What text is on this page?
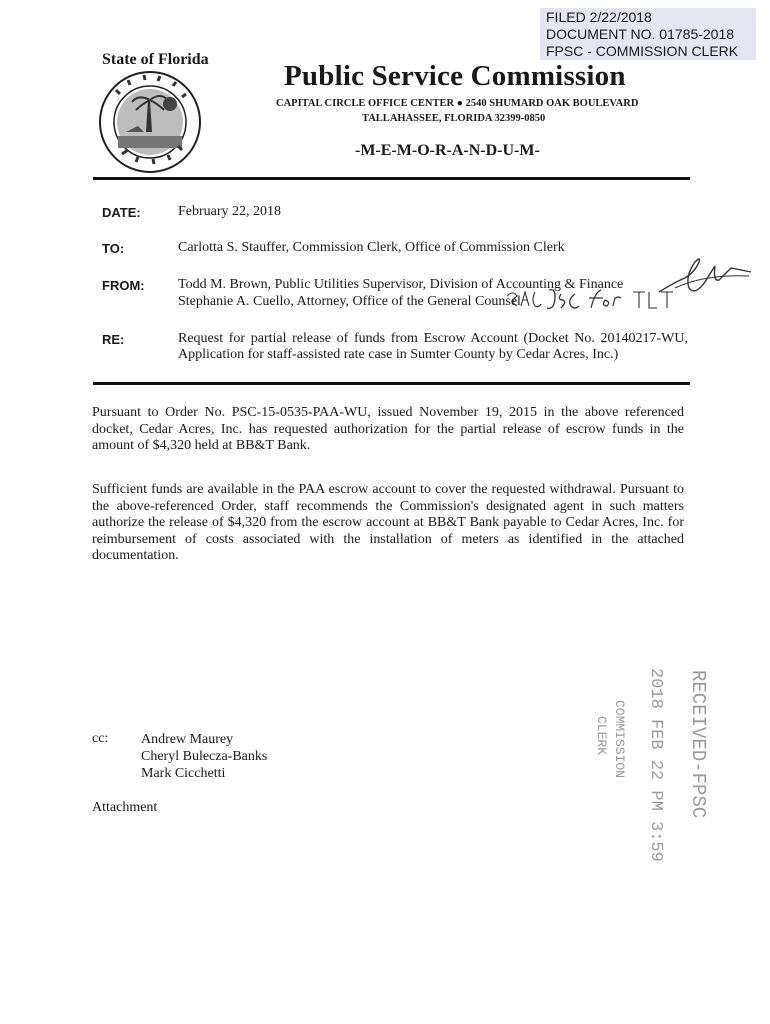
FILED 2/22/2018
DOCUMENT NO. 01785-2018
FPSC - COMMISSION CLERK
State of Florida
Public Service Commission
CAPITAL CIRCLE OFFICE CENTER ● 2540 SHUMARD OAK BOULEVARD
TALLAHASSEE, FLORIDA 32399-0850
-M-E-M-O-R-A-N-D-U-M-
DATE:	February 22, 2018
TO:	Carlotta S. Stauffer, Commission Clerk, Office of Commission Clerk
FROM: Todd M. Brown, Public Utilities Supervisor, Division of Accounting & Finance
Stephanie A. Cuello, Attorney, Office of the General Counsel
RE:	Request for partial release of funds from Escrow Account (Docket No. 20140217-WU, Application for staff-assisted rate case in Sumter County by Cedar Acres, Inc.)
Pursuant to Order No. PSC-15-0535-PAA-WU, issued November 19, 2015 in the above referenced docket, Cedar Acres, Inc. has requested authorization for the partial release of escrow funds in the amount of $4,320 held at BB&T Bank.
Sufficient funds are available in the PAA escrow account to cover the requested withdrawal. Pursuant to the above-referenced Order, staff recommends the Commission's designated agent in such matters authorize the release of $4,320 from the escrow account at BB&T Bank payable to Cedar Acres, Inc. for reimbursement of costs associated with the installation of meters as identified in the attached documentation.
cc: Andrew Maurey
Cheryl Bulecza-Banks
Mark Cicchetti
Attachment	RECEIVED-FPSC
2018 FEB 22 PM 3:59
COMMISSION
CLERK
